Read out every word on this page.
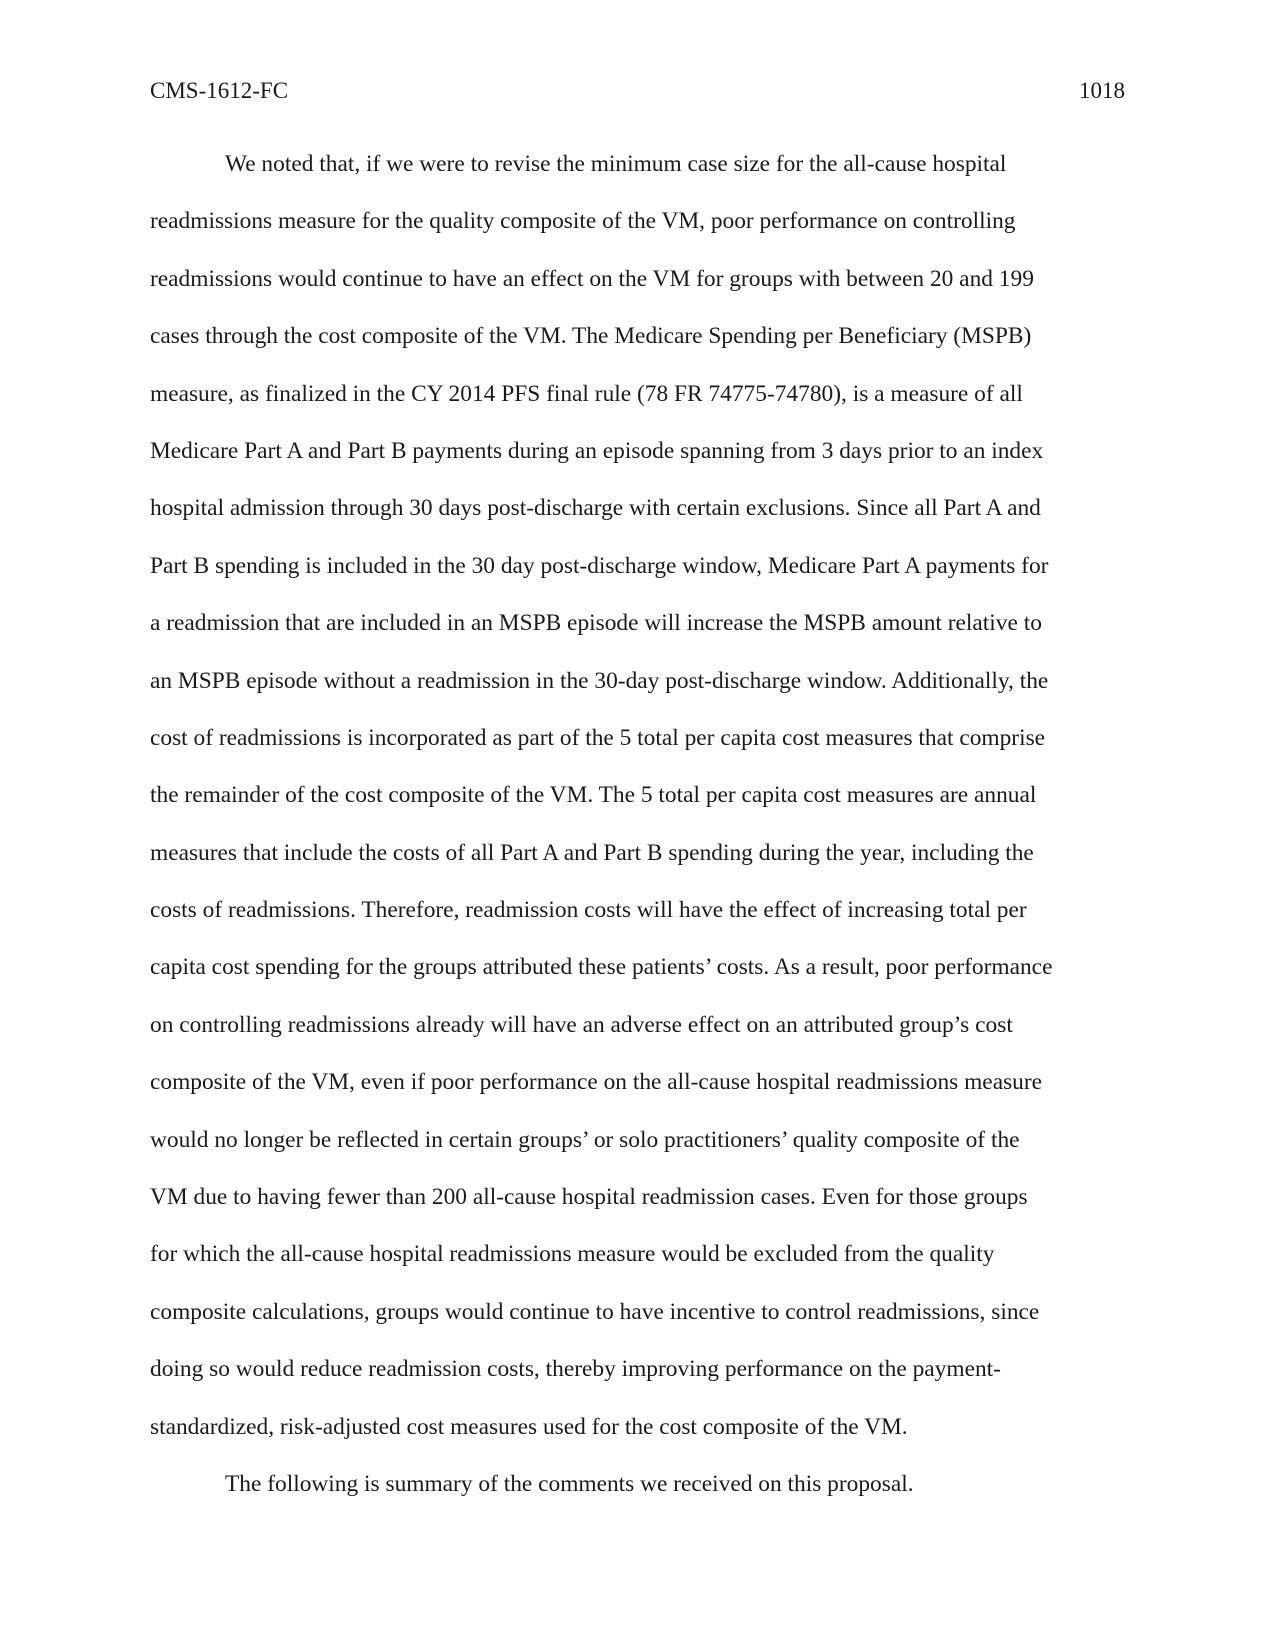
CMS-1612-FC	1018
We noted that, if we were to revise the minimum case size for the all-cause hospital
readmissions measure for the quality composite of the VM, poor performance on controlling
readmissions would continue to have an effect on the VM for groups with between 20 and 199
cases through the cost composite of the VM. The Medicare Spending per Beneficiary (MSPB)
measure, as finalized in the CY 2014 PFS final rule (78 FR 74775-74780), is a measure of all
Medicare Part A and Part B payments during an episode spanning from 3 days prior to an index
hospital admission through 30 days post-discharge with certain exclusions. Since all Part A and
Part B spending is included in the 30 day post-discharge window, Medicare Part A payments for
a readmission that are included in an MSPB episode will increase the MSPB amount relative to
an MSPB episode without a readmission in the 30-day post-discharge window. Additionally, the
cost of readmissions is incorporated as part of the 5 total per capita cost measures that comprise
the remainder of the cost composite of the VM. The 5 total per capita cost measures are annual
measures that include the costs of all Part A and Part B spending during the year, including the
costs of readmissions. Therefore, readmission costs will have the effect of increasing total per
capita cost spending for the groups attributed these patients’ costs. As a result, poor performance
on controlling readmissions already will have an adverse effect on an attributed group’s cost
composite of the VM, even if poor performance on the all-cause hospital readmissions measure
would no longer be reflected in certain groups’ or solo practitioners’ quality composite of the
VM due to having fewer than 200 all-cause hospital readmission cases. Even for those groups
for which the all-cause hospital readmissions measure would be excluded from the quality
composite calculations, groups would continue to have incentive to control readmissions, since
doing so would reduce readmission costs, thereby improving performance on the payment-
standardized, risk-adjusted cost measures used for the cost composite of the VM.
The following is summary of the comments we received on this proposal.
